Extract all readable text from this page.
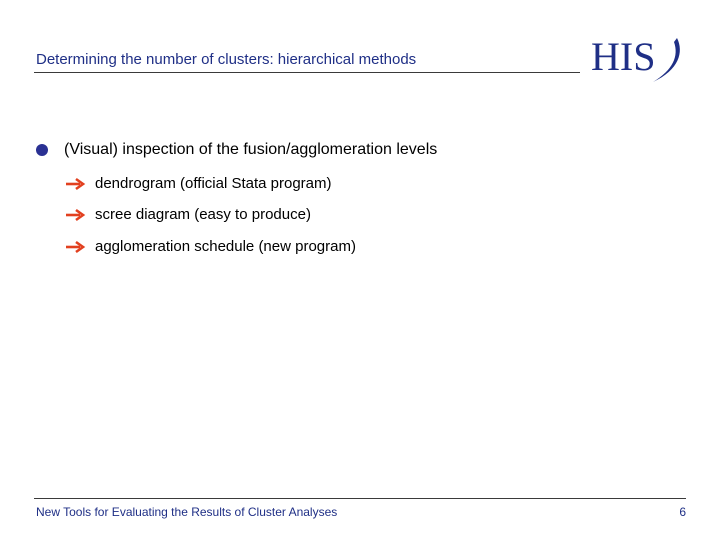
Determining the number of clusters: hierarchical methods	HIS
(Visual) inspection of the fusion/agglomeration levels
dendrogram (official Stata program)
scree diagram (easy to produce)
agglomeration schedule (new program)
New Tools for Evaluating the Results of Cluster Analyses	6
